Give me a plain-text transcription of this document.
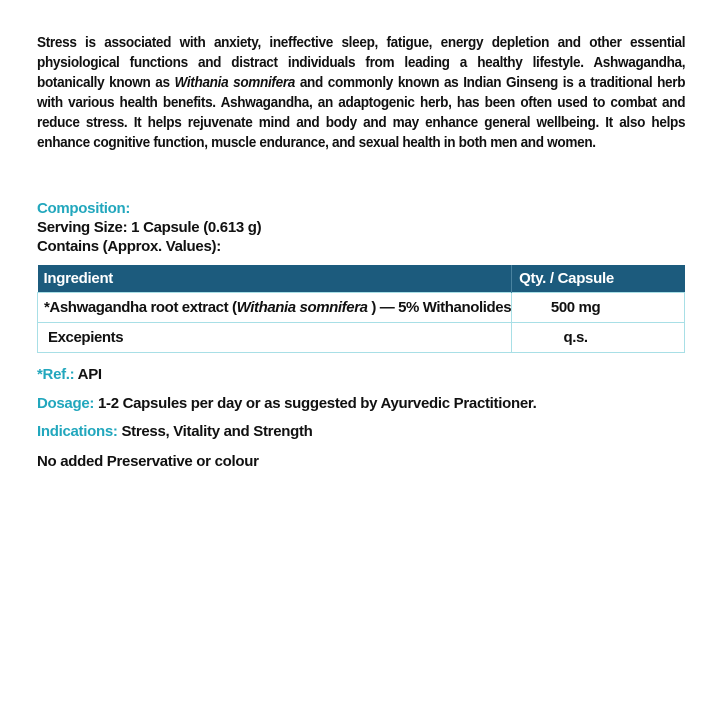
Stress is associated with anxiety, ineffective sleep, fatigue, energy depletion and other essential physiological functions and distract individuals from leading a healthy lifestyle. Ashwagandha, botanically known as Withania somnifera and commonly known as Indian Ginseng is a traditional herb with various health benefits. Ashwagandha, an adaptogenic herb, has been often used to combat and reduce stress. It helps rejuvenate mind and body and may enhance general wellbeing. It also helps enhance cognitive function, muscle endurance, and sexual health in both men and women.

Composition:
Serving Size: 1 Capsule (0.613 g)
Contains (Approx. Values):
Ingredient	Qty. / Capsule
*Ashwagandha root extract (Withania somnifera ) — 5% Withanolides	500 mg
Excepients	q.s.
*Ref.: API
Dosage: 1-2 Capsules per day or as suggested by Ayurvedic Practitioner.
Indications: Stress, Vitality and Strength
No added Preservative or colour
